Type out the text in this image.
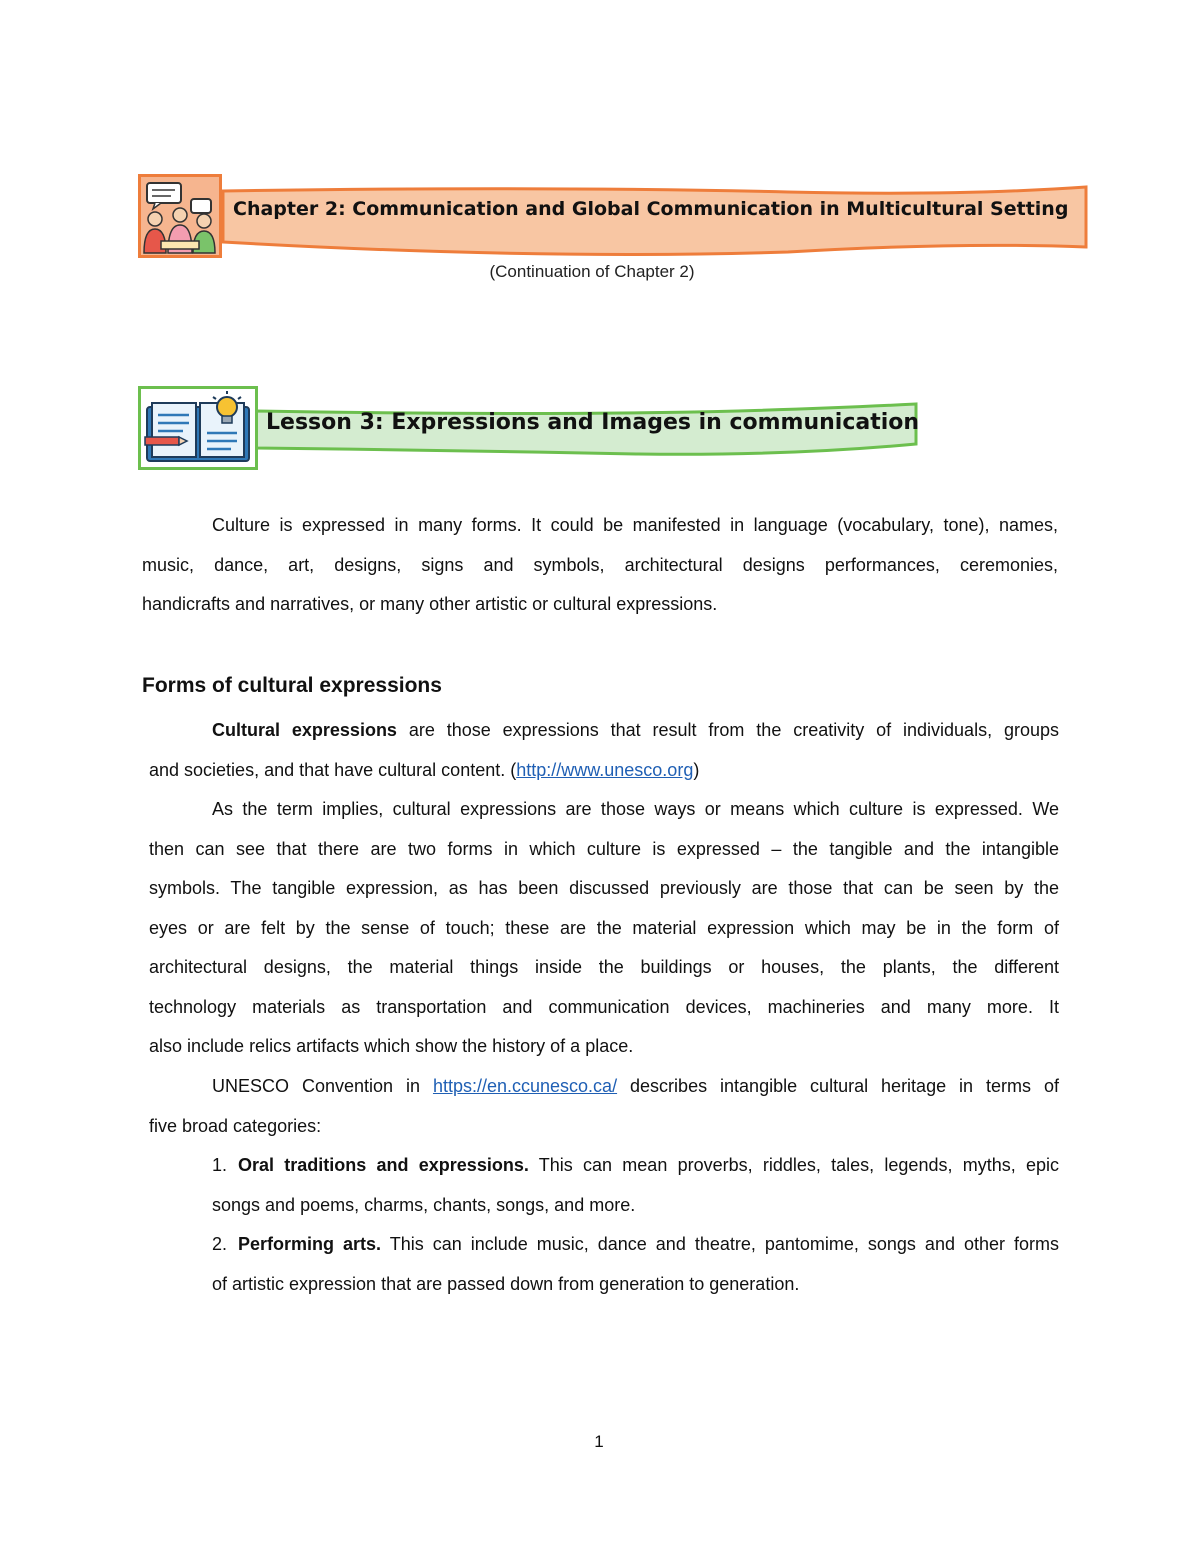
Chapter 2: Communication and Global Communication in Multicultural Setting
(Continuation of Chapter 2)
Lesson 3: Expressions and Images in communication
Culture is expressed in many forms. It could be manifested in language (vocabulary, tone), names,
music, dance, art, designs, signs and symbols, architectural designs performances, ceremonies,
handicrafts and narratives, or many other artistic or cultural expressions.
Forms of cultural expressions
Cultural expressions are those expressions that result from the creativity of individuals, groups
and societies, and that have cultural content. (http://www.unesco.org)
As the term implies, cultural expressions are those ways or means which culture is expressed. We
then can see that there are two forms in which culture is expressed – the tangible and the intangible
symbols. The tangible expression, as has been discussed previously are those that can be seen by the
eyes or are felt by the sense of touch; these are the material expression which may be in the form of
architectural designs, the material things inside the buildings or houses, the plants, the different
technology materials as transportation and communication devices, machineries and many more. It
also include relics artifacts which show the history of a place.
UNESCO Convention in https://en.ccunesco.ca/ describes intangible cultural heritage in terms of
five broad categories:
1. Oral traditions and expressions. This can mean proverbs, riddles, tales, legends, myths, epic
songs and poems, charms, chants, songs, and more.
2. Performing arts. This can include music, dance and theatre, pantomime, songs and other forms
of artistic expression that are passed down from generation to generation.
1
